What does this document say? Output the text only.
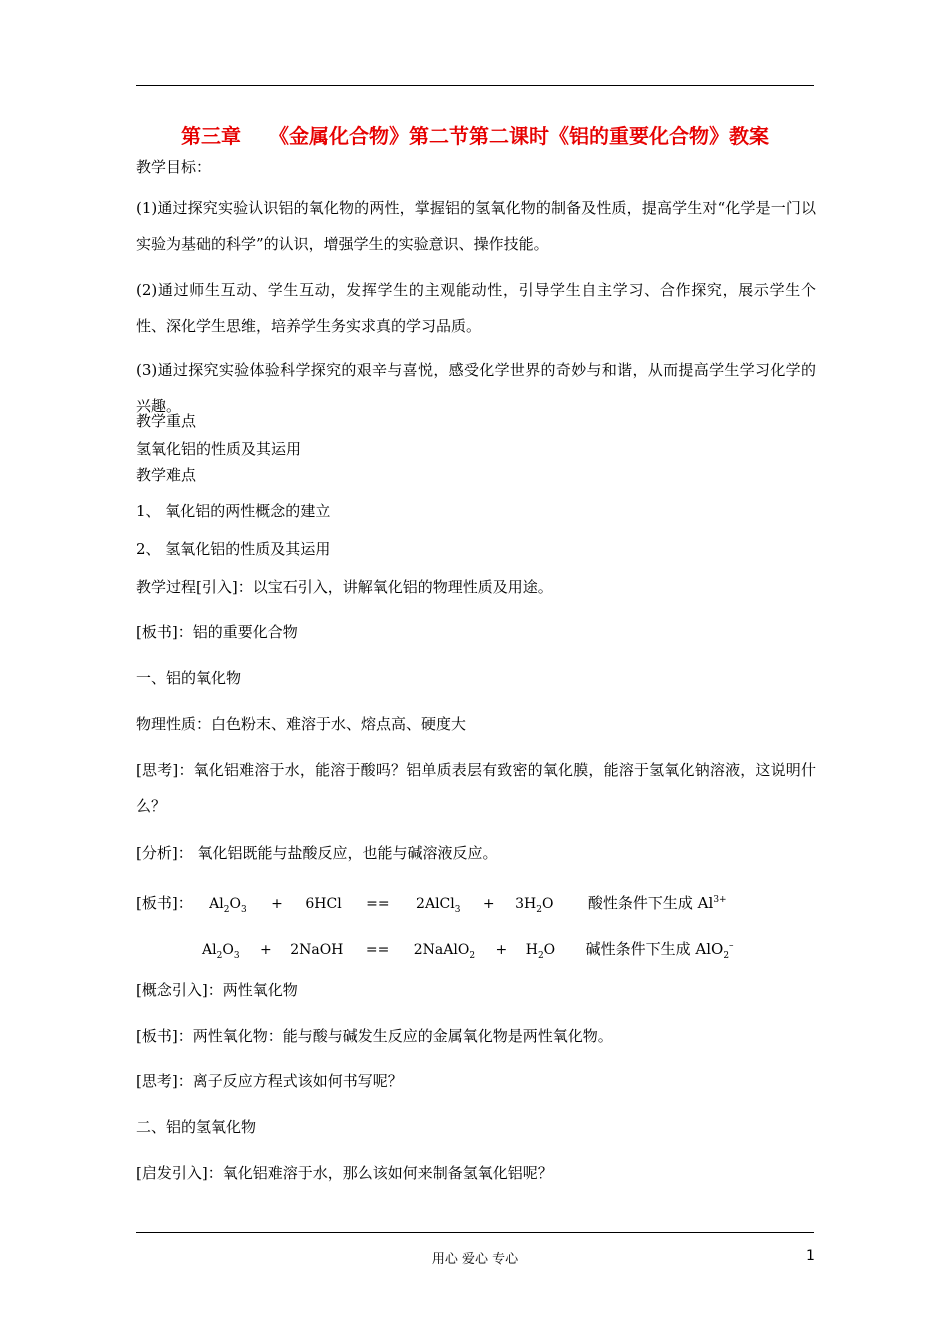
第三章 《金属化合物》第二节第二课时《铝的重要化合物》教案
教学目标：
(1)通过探究实验认识铝的氧化物的两性，掌握铝的氢氧化物的制备及性质，提高学生对“化学是一门以实验为基础的科学”的认识，增强学生的实验意识、操作技能。
(2)通过师生互动、学生互动，发挥学生的主观能动性，引导学生自主学习、合作探究，展示学生个性、深化学生思维，培养学生务实求真的学习品质。
(3)通过探究实验体验科学探究的艰辛与喜悦，感受化学世界的奇妙与和谐，从而提高学生学习化学的兴趣。
教学重点
氢氧化铝的性质及其运用
教学难点
1、 氧化铝的两性概念的建立
2、 氢氧化铝的性质及其运用
教学过程[引入]：以宝石引入，讲解氧化铝的物理性质及用途。
[板书]：铝的重要化合物
一、铝的氧化物
物理性质：白色粉末、难溶于水、熔点高、硬度大
[思考]：氧化铝难溶于水，能溶于酸吗？铝单质表层有致密的氧化膜，能溶于氢氧化钠溶液，这说明什么？
[分析]： 氧化铝既能与盐酸反应，也能与碱溶液反应。
[板书]： $Al_2O_3 + 6HCl$ == 2AlCl$_3$ + $3H_2O$ 酸性条件下生成 $Al^{3+}$
$Al_2O_3$ + 2NaOH == 2NaAlO$_2$ + $H_2O$ 碱性条件下生成 AlO$_2$–
[概念引入]：两性氧化物
[板书]：两性氧化物：能与酸与碱发生反应的金属氧化物是两性氧化物。
[思考]：离子反应方程式该如何书写呢？
二、铝的氢氧化物
[启发引入]：氧化铝难溶于水，那么该如何来制备氢氧化铝呢？
用心 爱心 专心	1
